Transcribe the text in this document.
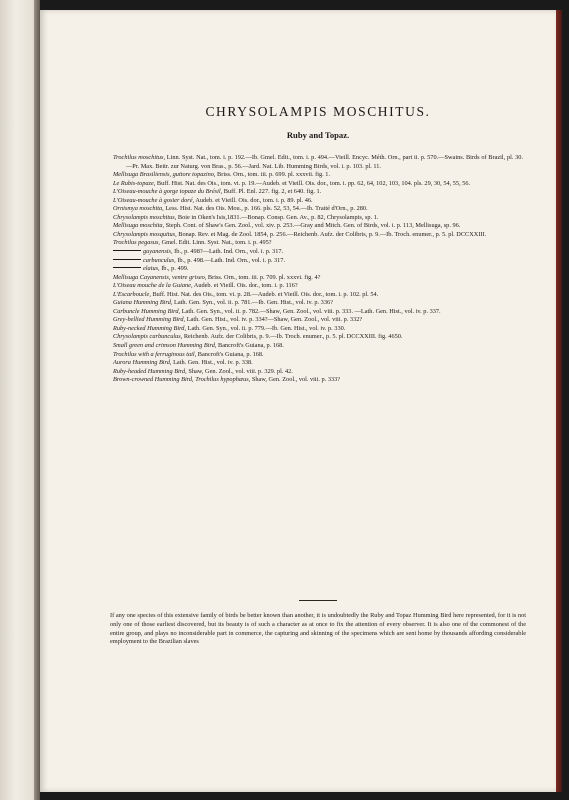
CHRYSOLAMPIS MOSCHITUS.
Ruby and Topaz.
Trochilus moschitus, Linn. Syst. Nat., tom. i. p. 192.—Ib. Gmel. Edit., tom. i. p. 494.—Vieill. Encyc. Méth. Orn., part ii. p. 570.—Swains. Birds of Brazil, pl. 30.—Pr. Max. Beitr. zur Naturg. von Bras., p. 56.—Jard. Nat. Lib. Humming Birds, vol. i. p. 103. pl. 11.
Mellisuga Brasiliensis, guttore topazino, Briss. Orn., tom. iii. p. 699. pl. xxxvii. fig. 1.
Le Rubis-topaze, Buff. Hist. Nat. des Ois., tom. vi. p. 19.—Audeb. et Vieill. Ois. dor., tom. i. pp. 62, 64, 102, 103, 104. pls. 29, 30, 54, 55, 56.
L'Oiseau-mouche à gorge topaze du Brésil, Buff. Pl. Enl. 227. fig. 2, et 640. fig. 1.
L'Oiseau-mouche à gosier doré, Audeb. et Vieill. Ois. dor., tom. i. p. 89. pl. 46.
Ornismya moschita, Less. Hist. Nat. des Ois. Mou., p. 166. pls. 52, 53, 54.—Ib. Traité d'Orn., p. 280.
Chrysolampis moschitus, Boie in Oken's Isis,1831.—Bonap. Consp. Gen. Av., p. 82, Chrysolampis, sp. 1.
Mellisuga moschita, Steph. Cont. of Shaw's Gen. Zool., vol. xiv. p. 253.—Gray and Mitch. Gen. of Birds, vol. i. p. 113, Mellisuga, sp. 96.
Chrysolampis mosquitus, Bonap. Rev. et Mag. de Zool. 1854, p. 256.—Reichenb. Aufz. der Colibris, p. 9.—Ib. Troch. enumer., p. 5. pl. DCCXXIII.
Trochilus pegasus, Gmel. Edit. Linn. Syst. Nat., tom. i. p. 495?
guyanensis, Ib., p. 498?—Lath. Ind. Orn., vol. i. p. 317.
carbunculus, Ib., p. 498.—Lath. Ind. Orn., vol. i. p. 317.
elatus, Ib., p. 499.
Mellisuga Cayanensis, ventre griseo, Briss. Orn., tom. iii. p. 709. pl. xxxvi. fig. 4?
L'Oiseau mouche de la Guiane, Audeb. et Vieill. Ois. dor., tom. i. p. 116?
L'Escarboucle, Buff. Hist. Nat. des Ois., tom. vi. p. 28.—Audeb. et Vieill. Ois. dor., tom. i. p. 102. pl. 54.
Guiana Humming Bird, Lath. Gen. Syn., vol. ii. p. 781.—Ib. Gen. Hist., vol. iv. p. 336?
Carbuncle Humming Bird, Lath. Gen. Syn., vol. ii. p. 782.—Shaw, Gen. Zool., vol. viii. p. 333. —Lath. Gen. Hist., vol. iv. p. 337.
Grey-bellied Humming Bird, Lath. Gen. Hist., vol. iv. p. 334?—Shaw, Gen. Zool., vol. viii. p. 332?
Ruby-necked Humming Bird, Lath. Gen. Syn., vol. ii. p. 779.—Ib. Gen. Hist., vol. iv. p. 330.
Chrysolampis carbunculus, Reichenb. Aufz. der Colibris, p. 9.—Ib. Troch. enumer., p. 5. pl. DCCXXIII. fig. 4650.
Small green and crimson Humming Bird, Bancroft's Guiana, p. 168.
Trochilus with a ferruginous tail, Bancroft's Guiana, p. 168.
Aurora Humming Bird, Lath. Gen. Hist., vol. iv. p. 338.
Ruby-headed Humming Bird, Shaw, Gen. Zool., vol. viii. p. 329. pl. 42.
Brown-crowned Humming Bird, Trochilus hypophæus, Shaw, Gen. Zool., vol. viii. p. 333?
If any one species of this extensive family of birds be better known than another, it is undoubtedly the Ruby and Topaz Humming Bird here represented, for it is not only one of those earliest discovered, but its beauty is of such a character as at once to fix the attention of every observer. It is also one of the commonest of the entire group, and plays no inconsiderable part in commerce, the capturing and skinning of the specimens which are sent home by thousands affording considerable employment to the Brazilian slaves
